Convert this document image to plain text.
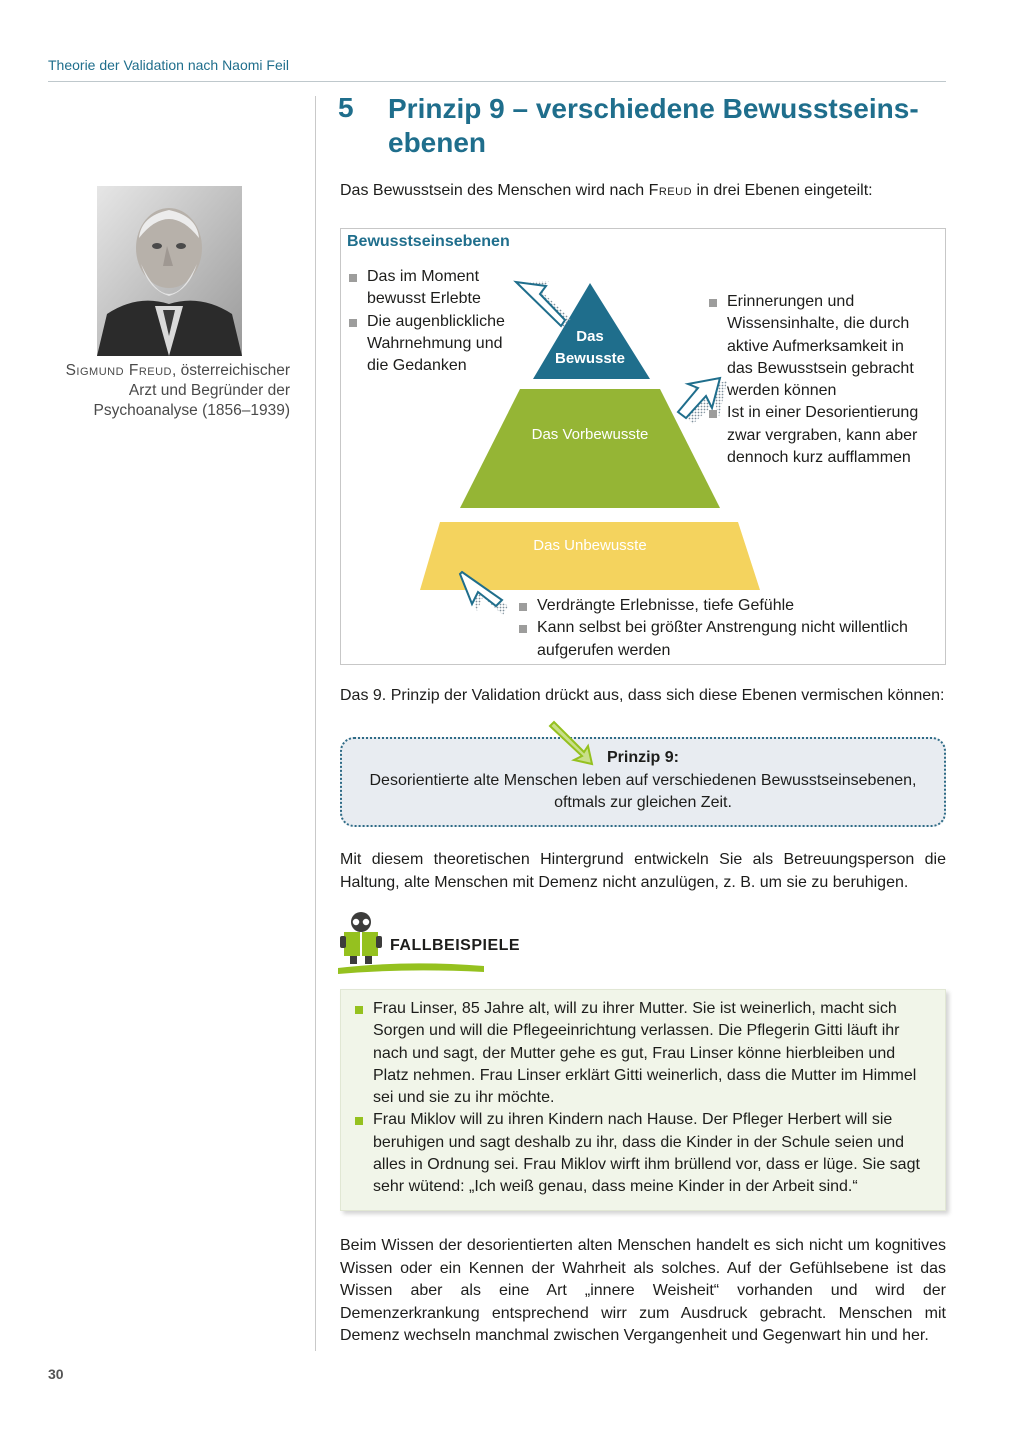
Theorie der Validation nach Naomi Feil
Sigmund Freud, österreichischer Arzt und Begründer der Psychoanalyse (1856–1939)
5 Prinzip 9 – verschiedene Bewusstseins-ebenen
Das Bewusstsein des Menschen wird nach Freud in drei Ebenen eingeteilt:
Bewusstseinsebenen
Das Bewusste
Das Vorbewusste
Das Unbewusste
Das im Moment bewusst Erlebte
Die augenblickliche Wahrnehmung und die Gedanken
Erinnerungen und Wissensinhalte, die durch aktive Aufmerksamkeit in das Bewusstsein gebracht werden können
Ist in einer Desorientierung zwar vergraben, kann aber dennoch kurz aufflammen
Verdrängte Erlebnisse, tiefe Gefühle
Kann selbst bei größter Anstrengung nicht willentlich aufgerufen werden
Das 9. Prinzip der Validation drückt aus, dass sich diese Ebenen vermischen können:
Prinzip 9:
Desorientierte alte Menschen leben auf verschiedenen Bewusstseinsebenen, oftmals zur gleichen Zeit.
Mit diesem theoretischen Hintergrund entwickeln Sie als Betreuungsperson die Haltung, alte Menschen mit Demenz nicht anzulügen, z. B. um sie zu beruhigen.
FALLBEISPIELE
Frau Linser, 85 Jahre alt, will zu ihrer Mutter. Sie ist weinerlich, macht sich Sorgen und will die Pflegeeinrichtung verlassen. Die Pflegerin Gitti läuft ihr nach und sagt, der Mutter gehe es gut, Frau Linser könne hierbleiben und Platz nehmen. Frau Linser erklärt Gitti weinerlich, dass die Mutter im Himmel sei und sie zu ihr möchte.
Frau Miklov will zu ihren Kindern nach Hause. Der Pfleger Herbert will sie beruhigen und sagt deshalb zu ihr, dass die Kinder in der Schule seien und alles in Ordnung sei. Frau Miklov wirft ihm brüllend vor, dass er lüge. Sie sagt sehr wütend: „Ich weiß genau, dass meine Kinder in der Arbeit sind.“
Beim Wissen der desorientierten alten Menschen handelt es sich nicht um kognitives Wissen oder ein Kennen der Wahrheit als solches. Auf der Gefühlsebene ist das Wissen aber als eine Art „innere Weisheit“ vorhanden und wird der Demenzerkrankung entsprechend wirr zum Ausdruck gebracht. Menschen mit Demenz wechseln manchmal zwischen Vergangenheit und Gegenwart hin und her.
30
